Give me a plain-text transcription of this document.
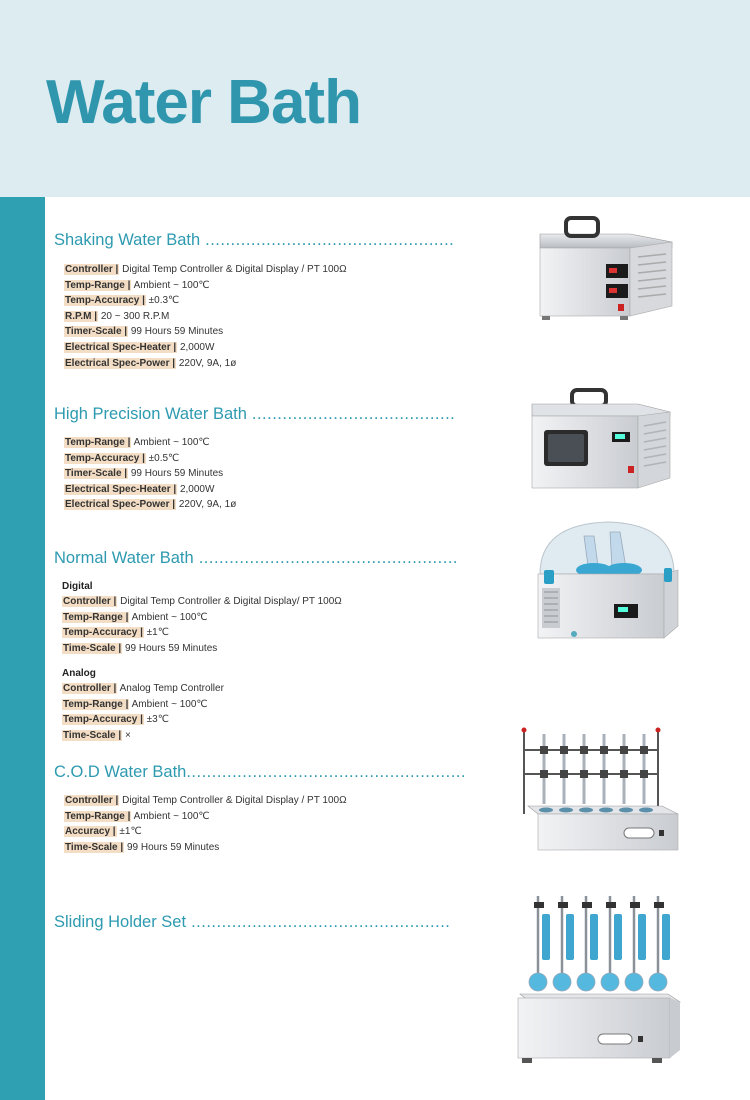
Water Bath
Shaking Water Bath .................................................
Controller | Digital Temp Controller & Digital Display / PT 100Ω
Temp-Range | Ambient ~ 100℃
Temp-Accuracy | ±0.3℃
R.P.M | 20 ~ 300 R.P.M
Timer-Scale | 99 Hours 59 Minutes
Electrical Spec-Heater | 2,000W
Electrical Spec-Power | 220V, 9A, 1ø
High Precision Water Bath ........................................
Temp-Range | Ambient ~ 100℃
Temp-Accuracy | ±0.5℃
Timer-Scale | 99 Hours 59 Minutes
Electrical Spec-Heater | 2,000W
Electrical Spec-Power | 220V, 9A, 1ø
Normal Water Bath ...................................................
Digital
Controller | Digital Temp Controller & Digital Display/ PT 100Ω
Temp-Range | Ambient ~ 100℃
Temp-Accuracy | ±1℃
Time-Scale | 99 Hours 59 Minutes
Analog
Controller | Analog Temp Controller
Temp-Range | Ambient ~ 100℃
Temp-Accuracy | ±3℃
Time-Scale | ×
C.O.D Water Bath.......................................................
Controller | Digital Temp Controller & Digital Display / PT 100Ω
Temp-Range | Ambient ~ 100℃
Accuracy | ±1℃
Time-Scale | 99 Hours 59 Minutes
Sliding Holder Set ...................................................
